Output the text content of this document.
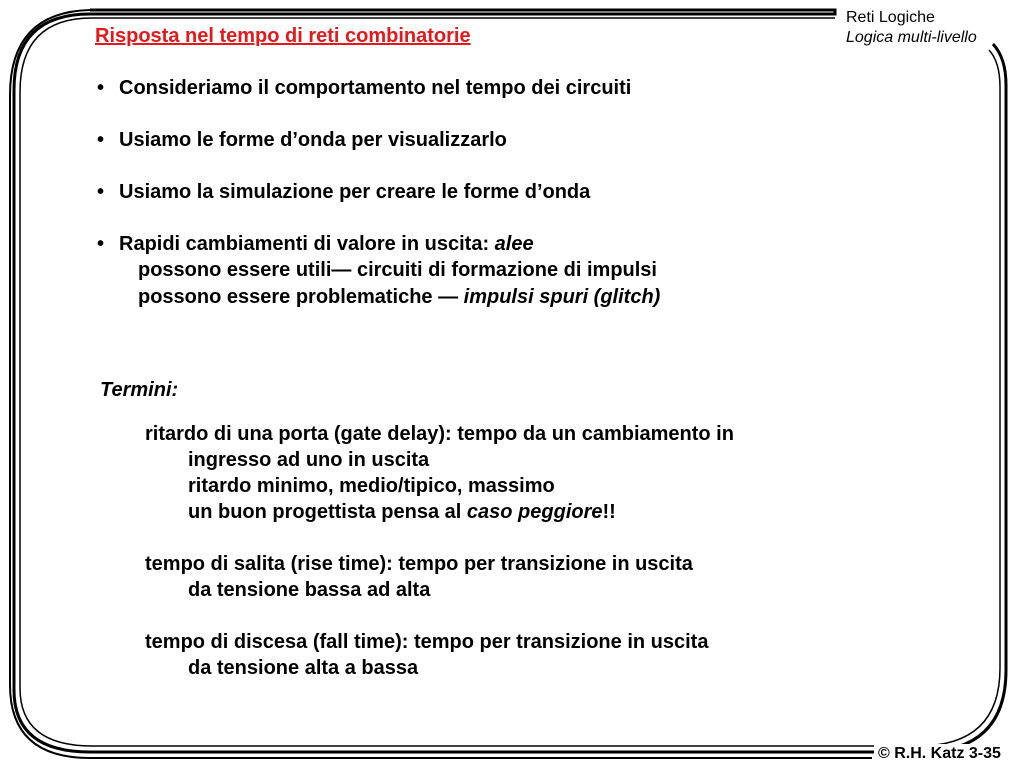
Reti Logiche
Logica multi-livello
Risposta nel tempo di reti combinatorie
• Consideriamo il comportamento nel tempo dei circuiti
• Usiamo le forme d’onda per visualizzarlo
• Usiamo la simulazione per creare le forme d’onda
• Rapidi cambiamenti di valore in uscita: alee
possono essere utili— circuiti di formazione di impulsi
possono essere problematiche — impulsi spuri (glitch)
Termini:
ritardo di una porta (gate delay): tempo da un cambiamento in
ingresso ad uno in uscita
ritardo minimo, medio/tipico, massimo
un buon progettista pensa al caso peggiore!!
tempo di salita (rise time): tempo per transizione in uscita
da tensione bassa ad alta
tempo di discesa (fall time): tempo per transizione in uscita
da tensione alta a bassa
© R.H. Katz 3-35
